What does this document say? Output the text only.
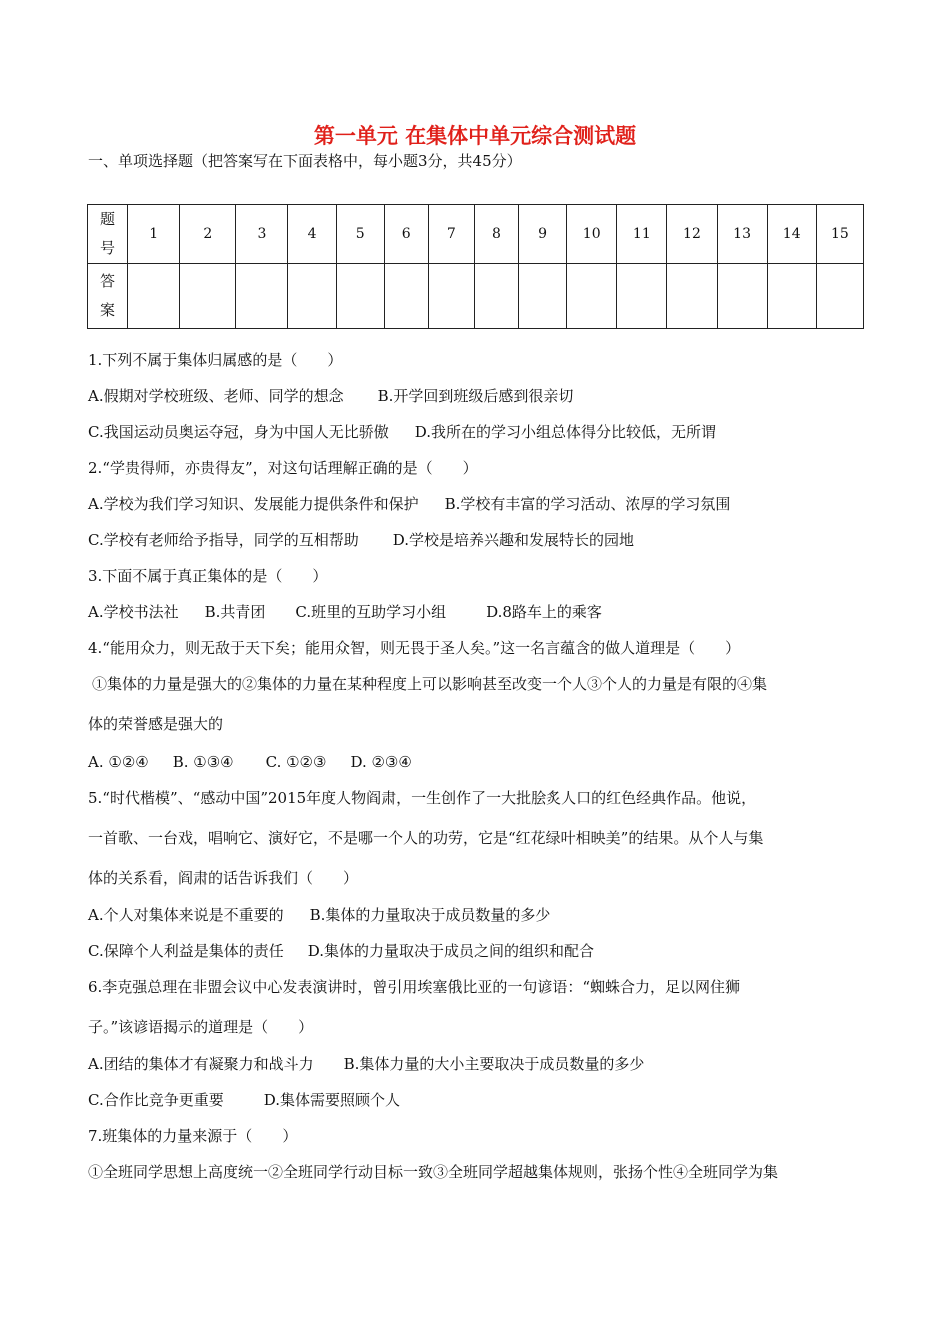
第一单元 在集体中单元综合测试题
一、单项选择题（把答案写在下面表格中，每小题3分，共45分）
题
号	1	2	3	4	5	6	7	8	9	10	11	12	13	14	15

答
案															

1.下列不属于集体归属感的是（　　）
A.假期对学校班级、老师、同学的想念 B.开学回到班级后感到很亲切
C.我国运动员奥运夺冠，身为中国人无比骄傲 D.我所在的学习小组总体得分比较低，无所谓
2.“学贵得师，亦贵得友”，对这句话理解正确的是（　　）
A.学校为我们学习知识、发展能力提供条件和保护 B.学校有丰富的学习活动、浓厚的学习氛围
C.学校有老师给予指导，同学的互相帮助 D.学校是培养兴趣和发展特长的园地
3.下面不属于真正集体的是（　　）
A.学校书法社 B.共青团 C.班里的互助学习小组	D.8路车上的乘客
4.“能用众力，则无敌于天下矣；能用众智，则无畏于圣人矣。”这一名言蕴含的做人道理是（　　）
①集体的力量是强大的②集体的力量在某种程度上可以影响甚至改变一个人③个人的力量是有限的④集
体的荣誉感是强大的
A. ①②④ B. ①③④ C. ①②③ D. ②③④
5.“时代楷模”、“感动中国”2015年度人物阎肃，一生创作了一大批脍炙人口的红色经典作品。他说，
一首歌、一台戏，唱响它、演好它，不是哪一个人的功劳，它是“红花绿叶相映美”的结果。从个人与集
体的关系看，阎肃的话告诉我们（　　）
A.个人对集体来说是不重要的 B.集体的力量取决于成员数量的多少
C.保障个人利益是集体的责任 D.集体的力量取决于成员之间的组织和配合
6.李克强总理在非盟会议中心发表演讲时，曾引用埃塞俄比亚的一句谚语：“蜘蛛合力，足以网住狮
子。”该谚语揭示的道理是（　　）
A.团结的集体才有凝聚力和战斗力 B.集体力量的大小主要取决于成员数量的多少
C.合作比竞争更重要	D.集体需要照顾个人
7.班集体的力量来源于（　　）
①全班同学思想上高度统一②全班同学行动目标一致③全班同学超越集体规则，张扬个性④全班同学为集
